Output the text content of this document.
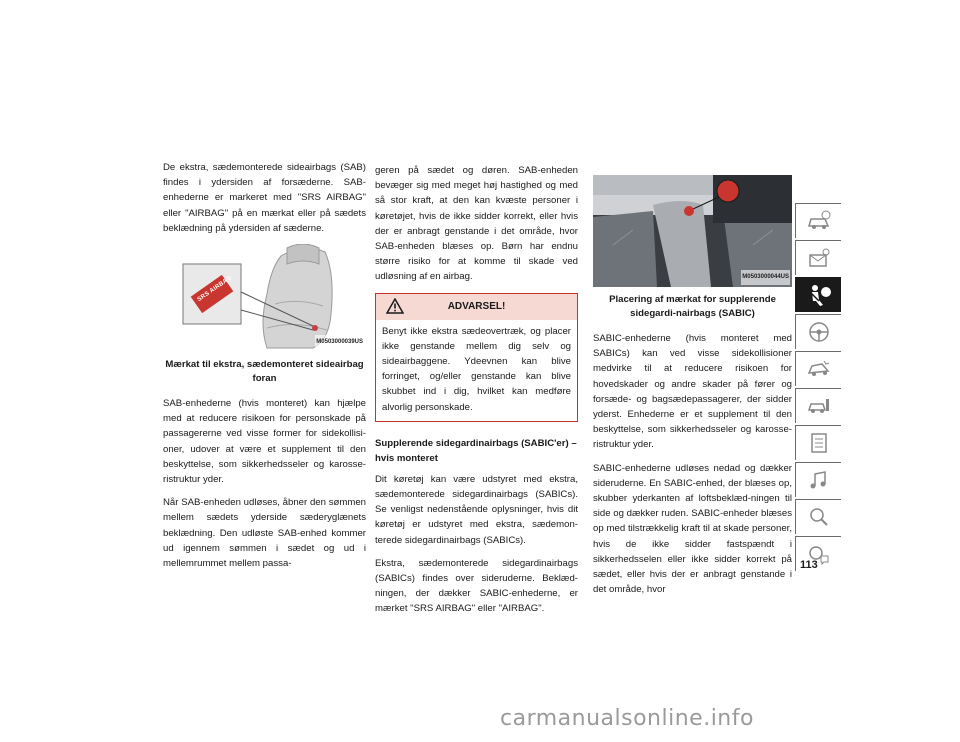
De ekstra, sædemonterede sideairbags (SAB) findes i ydersiden af forsæderne. SAB-enhederne er markeret med "SRS AIRBAG" eller "AIRBAG" på en mærkat eller på sædets beklædning på ydersiden af sæderne.

SRS AIRBAG
M0503000039US
Mærkat til ekstra, sædemonteret sideairbag foran

SAB-enhederne (hvis monteret) kan hjælpe med at reducere risikoen for personskade på passagererne ved visse former for sidekollisi-oner, udover at være et supplement til den beskyttelse, som sikkerhedsseler og karosse-ristruktur yder.

Når SAB-enheden udløses, åbner den sømmen mellem sædets yderside sæderyglænets beklædning. Den udløste SAB-enhed kommer ud igennem sømmen i sædet og ud i mellemrummet mellem passa-

geren på sædet og døren. SAB-enheden bevæger sig med meget høj hastighed og med så stor kraft, at den kan kvæste personer i køretøjet, hvis de ikke sidder korrekt, eller hvis der er anbragt genstande i det område, hvor SAB-enheden blæses op. Børn har endnu større risiko for at komme til skade ved udløsning af en airbag.

ADVARSEL!
Benyt ikke ekstra sædeovertræk, og placer ikke genstande mellem dig selv og sideairbaggene. Ydeevnen kan blive forringet, og/eller genstande kan blive skubbet ind i dig, hvilket kan medføre alvorlig personskade.
Supplerende sidegardinairbags (SABIC'er) – hvis monteret

Dit køretøj kan være udstyret med ekstra, sædemonterede sidegardinairbags (SABICs). Se venligst nedenstående oplysninger, hvis dit køretøj er udstyret med ekstra, sædemon-terede sidegardinairbags (SABICs).

Ekstra, sædemonterede sidegardinairbags (SABICs) findes over sideruderne. Beklæd-ningen, der dækker SABIC-enhederne, er mærket "SRS AIRBAG" eller "AIRBAG".

M0503000044US
Placering af mærkat for supplerende sidegardi-nairbags (SABIC)

SABIC-enhederne (hvis monteret med SABICs) kan ved visse sidekollisioner medvirke til at reducere risikoen for hovedskader og andre skader på fører og forsæde- og bagsædepassagerer, der sidder yderst. Enhederne er et supplement til den beskyttelse, som sikkerhedsseler og karosse-ristruktur yder.

SABIC-enhederne udløses nedad og dækker sideruderne. En SABIC-enhed, der blæses op, skubber yderkanten af loftsbeklæd-ningen til side og dækker ruden. SABIC-enheder blæses op med tilstrækkelig kraft til at skade personer, hvis de ikke sidder fastspændt i sikkerhedsselen eller ikke sidder korrekt på sædet, eller hvis der er anbragt genstande i det område, hvor

113
carmanualsonline.info
